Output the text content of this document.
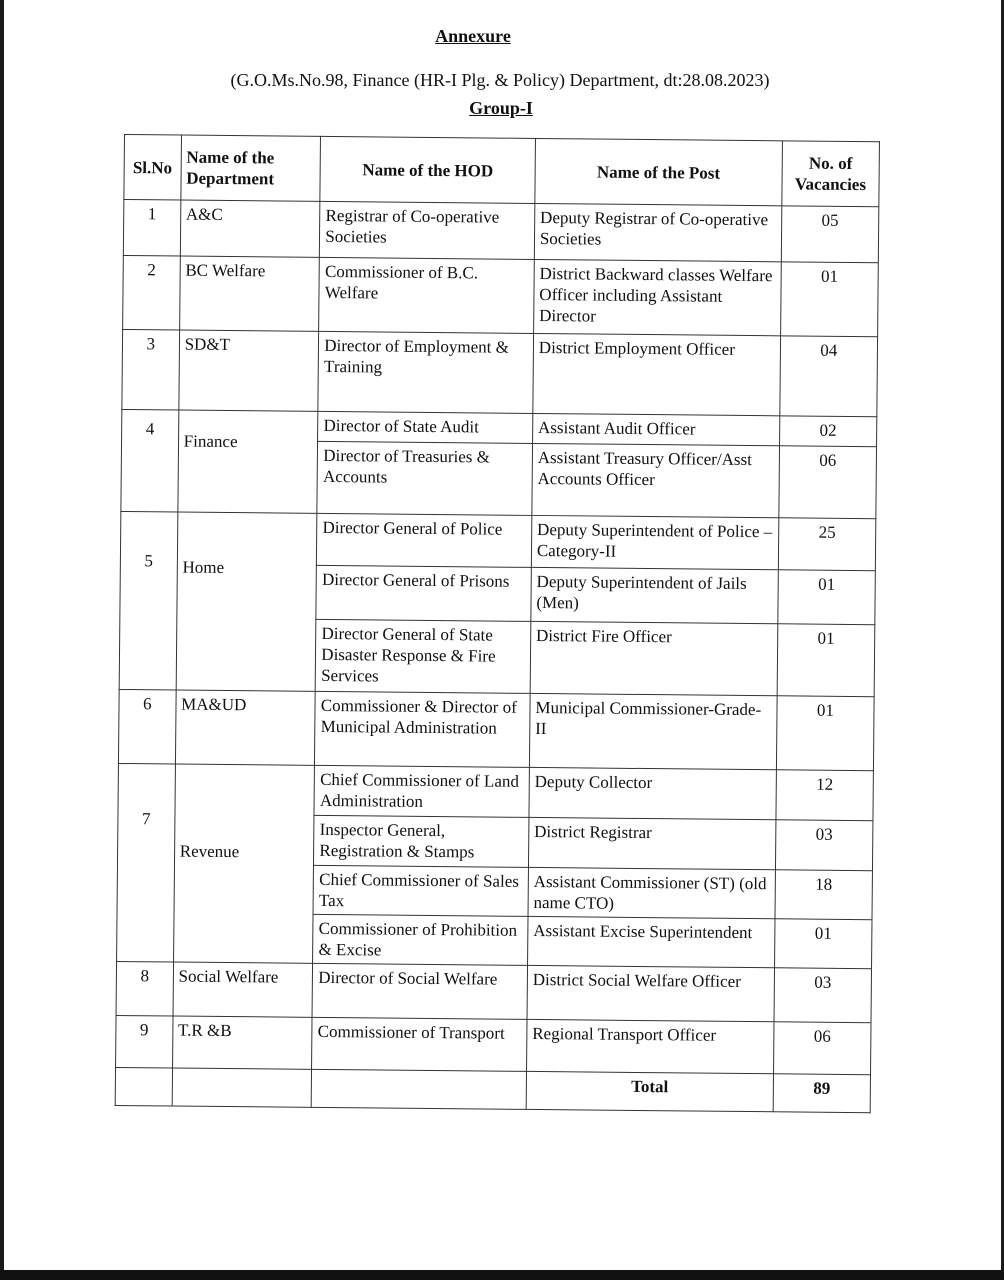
Annexure
(G.O.Ms.No.98, Finance (HR-I Plg. & Policy) Department, dt:28.08.2023)
Group-I
Sl.No	Name of the Department	Name of the HOD	Name of the Post	No. of Vacancies
1	A&C	Registrar of Co-operative Societies	Deputy Registrar of Co-operative Societies	05
2	BC Welfare	Commissioner of B.C. Welfare	District Backward classes Welfare Officer including Assistant Director	01
3	SD&T	Director of Employment & Training	District Employment Officer	04
4	Finance	Director of State Audit	Assistant Audit Officer	02
		Director of Treasuries & Accounts	Assistant Treasury Officer/Asst Accounts Officer	06
5	Home	Director General of Police	Deputy Superintendent of Police –Category-II	25
		Director General of Prisons	Deputy Superintendent of Jails (Men)	01
		Director General of State Disaster Response & Fire Services	District Fire Officer	01
6	MA&UD	Commissioner & Director of Municipal Administration	Municipal Commissioner-Grade-II	01
7	Revenue	Chief Commissioner of Land Administration	Deputy Collector	12
		Inspector General, Registration & Stamps	District Registrar	03
		Chief Commissioner of Sales Tax	Assistant Commissioner (ST) (old name CTO)	18
		Commissioner of Prohibition & Excise	Assistant Excise Superintendent	01
8	Social Welfare	Director of Social Welfare	District Social Welfare Officer	03
9	T.R &B	Commissioner of Transport	Regional Transport Officer	06
			Total	89
